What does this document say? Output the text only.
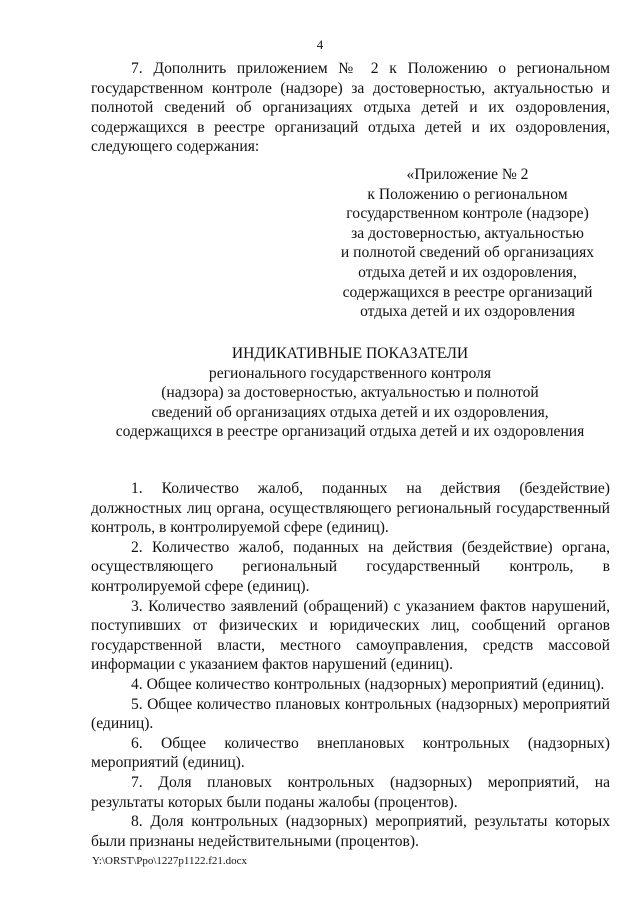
4

7. Дополнить приложением № 2 к Положению о региональном государственном контроле (надзоре) за достоверностью, актуальностью и полнотой сведений об организациях отдыха детей и их оздоровления, содержащихся в реестре организаций отдыха детей и их оздоровления, следующего содержания:

«Приложение № 2
к Положению о региональном
государственном контроле (надзоре)
за достоверностью, актуальностью
и полнотой сведений об организациях
отдыха детей и их оздоровления,
содержащихся в реестре организаций
отдыха детей и их оздоровления
ИНДИКАТИВНЫЕ ПОКАЗАТЕЛИ
регионального государственного контроля
(надзора) за достоверностью, актуальностью и полнотой
сведений об организациях отдыха детей и их оздоровления,
содержащихся в реестре организаций отдыха детей и их оздоровления

1. Количество жалоб, поданных на действия (бездействие) должностных лиц органа, осуществляющего региональный государственный контроль, в контролируемой сфере (единиц).

2. Количество жалоб, поданных на действия (бездействие) органа, осуществляющего региональный государственный контроль, в контролируемой сфере (единиц).

3. Количество заявлений (обращений) с указанием фактов нарушений, поступивших от физических и юридических лиц, сообщений органов государственной власти, местного самоуправления, средств массовой информации с указанием фактов нарушений (единиц).

4. Общее количество контрольных (надзорных) мероприятий (единиц).

5. Общее количество плановых контрольных (надзорных) мероприятий (единиц).

6. Общее количество внеплановых контрольных (надзорных) мероприятий (единиц).

7. Доля плановых контрольных (надзорных) мероприятий, на результаты которых были поданы жалобы (процентов).

8. Доля контрольных (надзорных) мероприятий, результаты которых были признаны недействительными (процентов).

Y:\ORST\Ppo\1227p1122.f21.docx
